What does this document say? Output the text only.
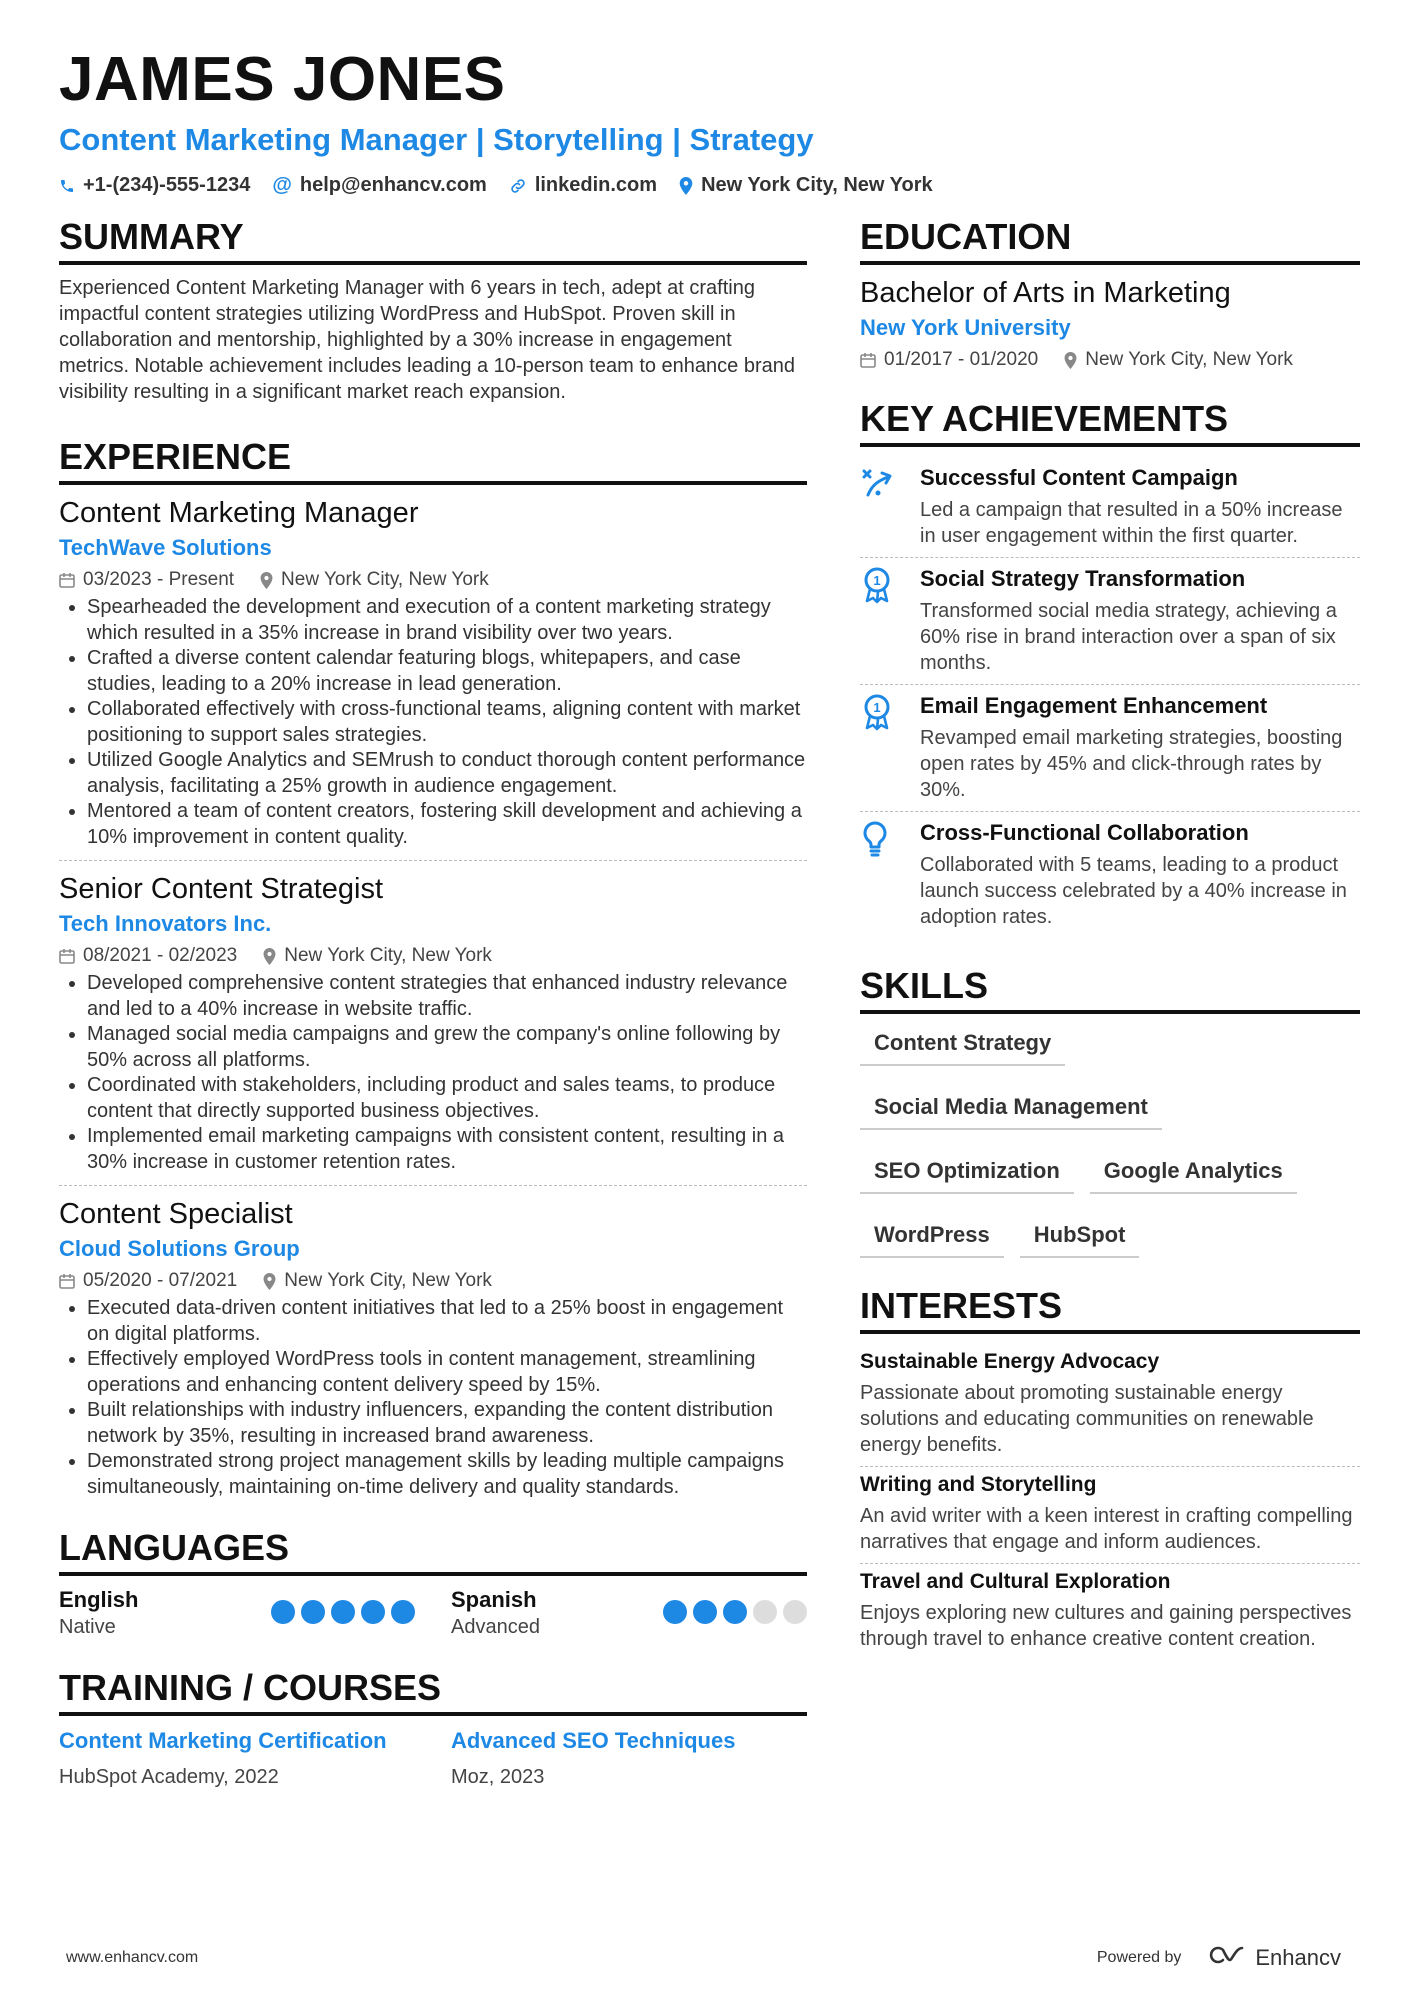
JAMES JONES
Content Marketing Manager | Storytelling | Strategy
+1-(234)-555-1234 @ help@enhancv.com linkedin.com New York City, New York
SUMMARY
Experienced Content Marketing Manager with 6 years in tech, adept at crafting impactful content strategies utilizing WordPress and HubSpot. Proven skill in collaboration and mentorship, highlighted by a 30% increase in engagement metrics. Notable achievement includes leading a 10-person team to enhance brand visibility resulting in a significant market reach expansion.
EXPERIENCE
Content Marketing Manager
TechWave Solutions
03/2023 - Present New York City, New York
• Spearheaded the development and execution of a content marketing strategy which resulted in a 35% increase in brand visibility over two years.
• Crafted a diverse content calendar featuring blogs, whitepapers, and case studies, leading to a 20% increase in lead generation.
• Collaborated effectively with cross-functional teams, aligning content with market positioning to support sales strategies.
• Utilized Google Analytics and SEMrush to conduct thorough content performance analysis, facilitating a 25% growth in audience engagement.
• Mentored a team of content creators, fostering skill development and achieving a 10% improvement in content quality.
Senior Content Strategist
Tech Innovators Inc.
08/2021 - 02/2023 New York City, New York
• Developed comprehensive content strategies that enhanced industry relevance and led to a 40% increase in website traffic.
• Managed social media campaigns and grew the company's online following by 50% across all platforms.
• Coordinated with stakeholders, including product and sales teams, to produce content that directly supported business objectives.
• Implemented email marketing campaigns with consistent content, resulting in a 30% increase in customer retention rates.
Content Specialist
Cloud Solutions Group
05/2020 - 07/2021 New York City, New York
• Executed data-driven content initiatives that led to a 25% boost in engagement on digital platforms.
• Effectively employed WordPress tools in content management, streamlining operations and enhancing content delivery speed by 15%.
• Built relationships with industry influencers, expanding the content distribution network by 35%, resulting in increased brand awareness.
• Demonstrated strong project management skills by leading multiple campaigns simultaneously, maintaining on-time delivery and quality standards.
LANGUAGES
English
Native
Spanish
Advanced
TRAINING / COURSES
Content Marketing Certification
HubSpot Academy, 2022
Advanced SEO Techniques
Moz, 2023
EDUCATION
Bachelor of Arts in Marketing
New York University
01/2017 - 01/2020 New York City, New York
KEY ACHIEVEMENTS
Successful Content Campaign
Led a campaign that resulted in a 50% increase in user engagement within the first quarter.
1 Social Strategy Transformation
Transformed social media strategy, achieving a 60% rise in brand interaction over a span of six months.
1 Email Engagement Enhancement
Revamped email marketing strategies, boosting open rates by 45% and click-through rates by 30%.
Cross-Functional Collaboration
Collaborated with 5 teams, leading to a product launch success celebrated by a 40% increase in adoption rates.
SKILLS
Content Strategy
Social Media Management
SEO Optimization	Google Analytics
WordPress	HubSpot
INTERESTS
Sustainable Energy Advocacy
Passionate about promoting sustainable energy solutions and educating communities on renewable energy benefits.
Writing and Storytelling
An avid writer with a keen interest in crafting compelling narratives that engage and inform audiences.
Travel and Cultural Exploration
Enjoys exploring new cultures and gaining perspectives through travel to enhance creative content creation.
www.enhancv.com	Powered by	Enhancv
